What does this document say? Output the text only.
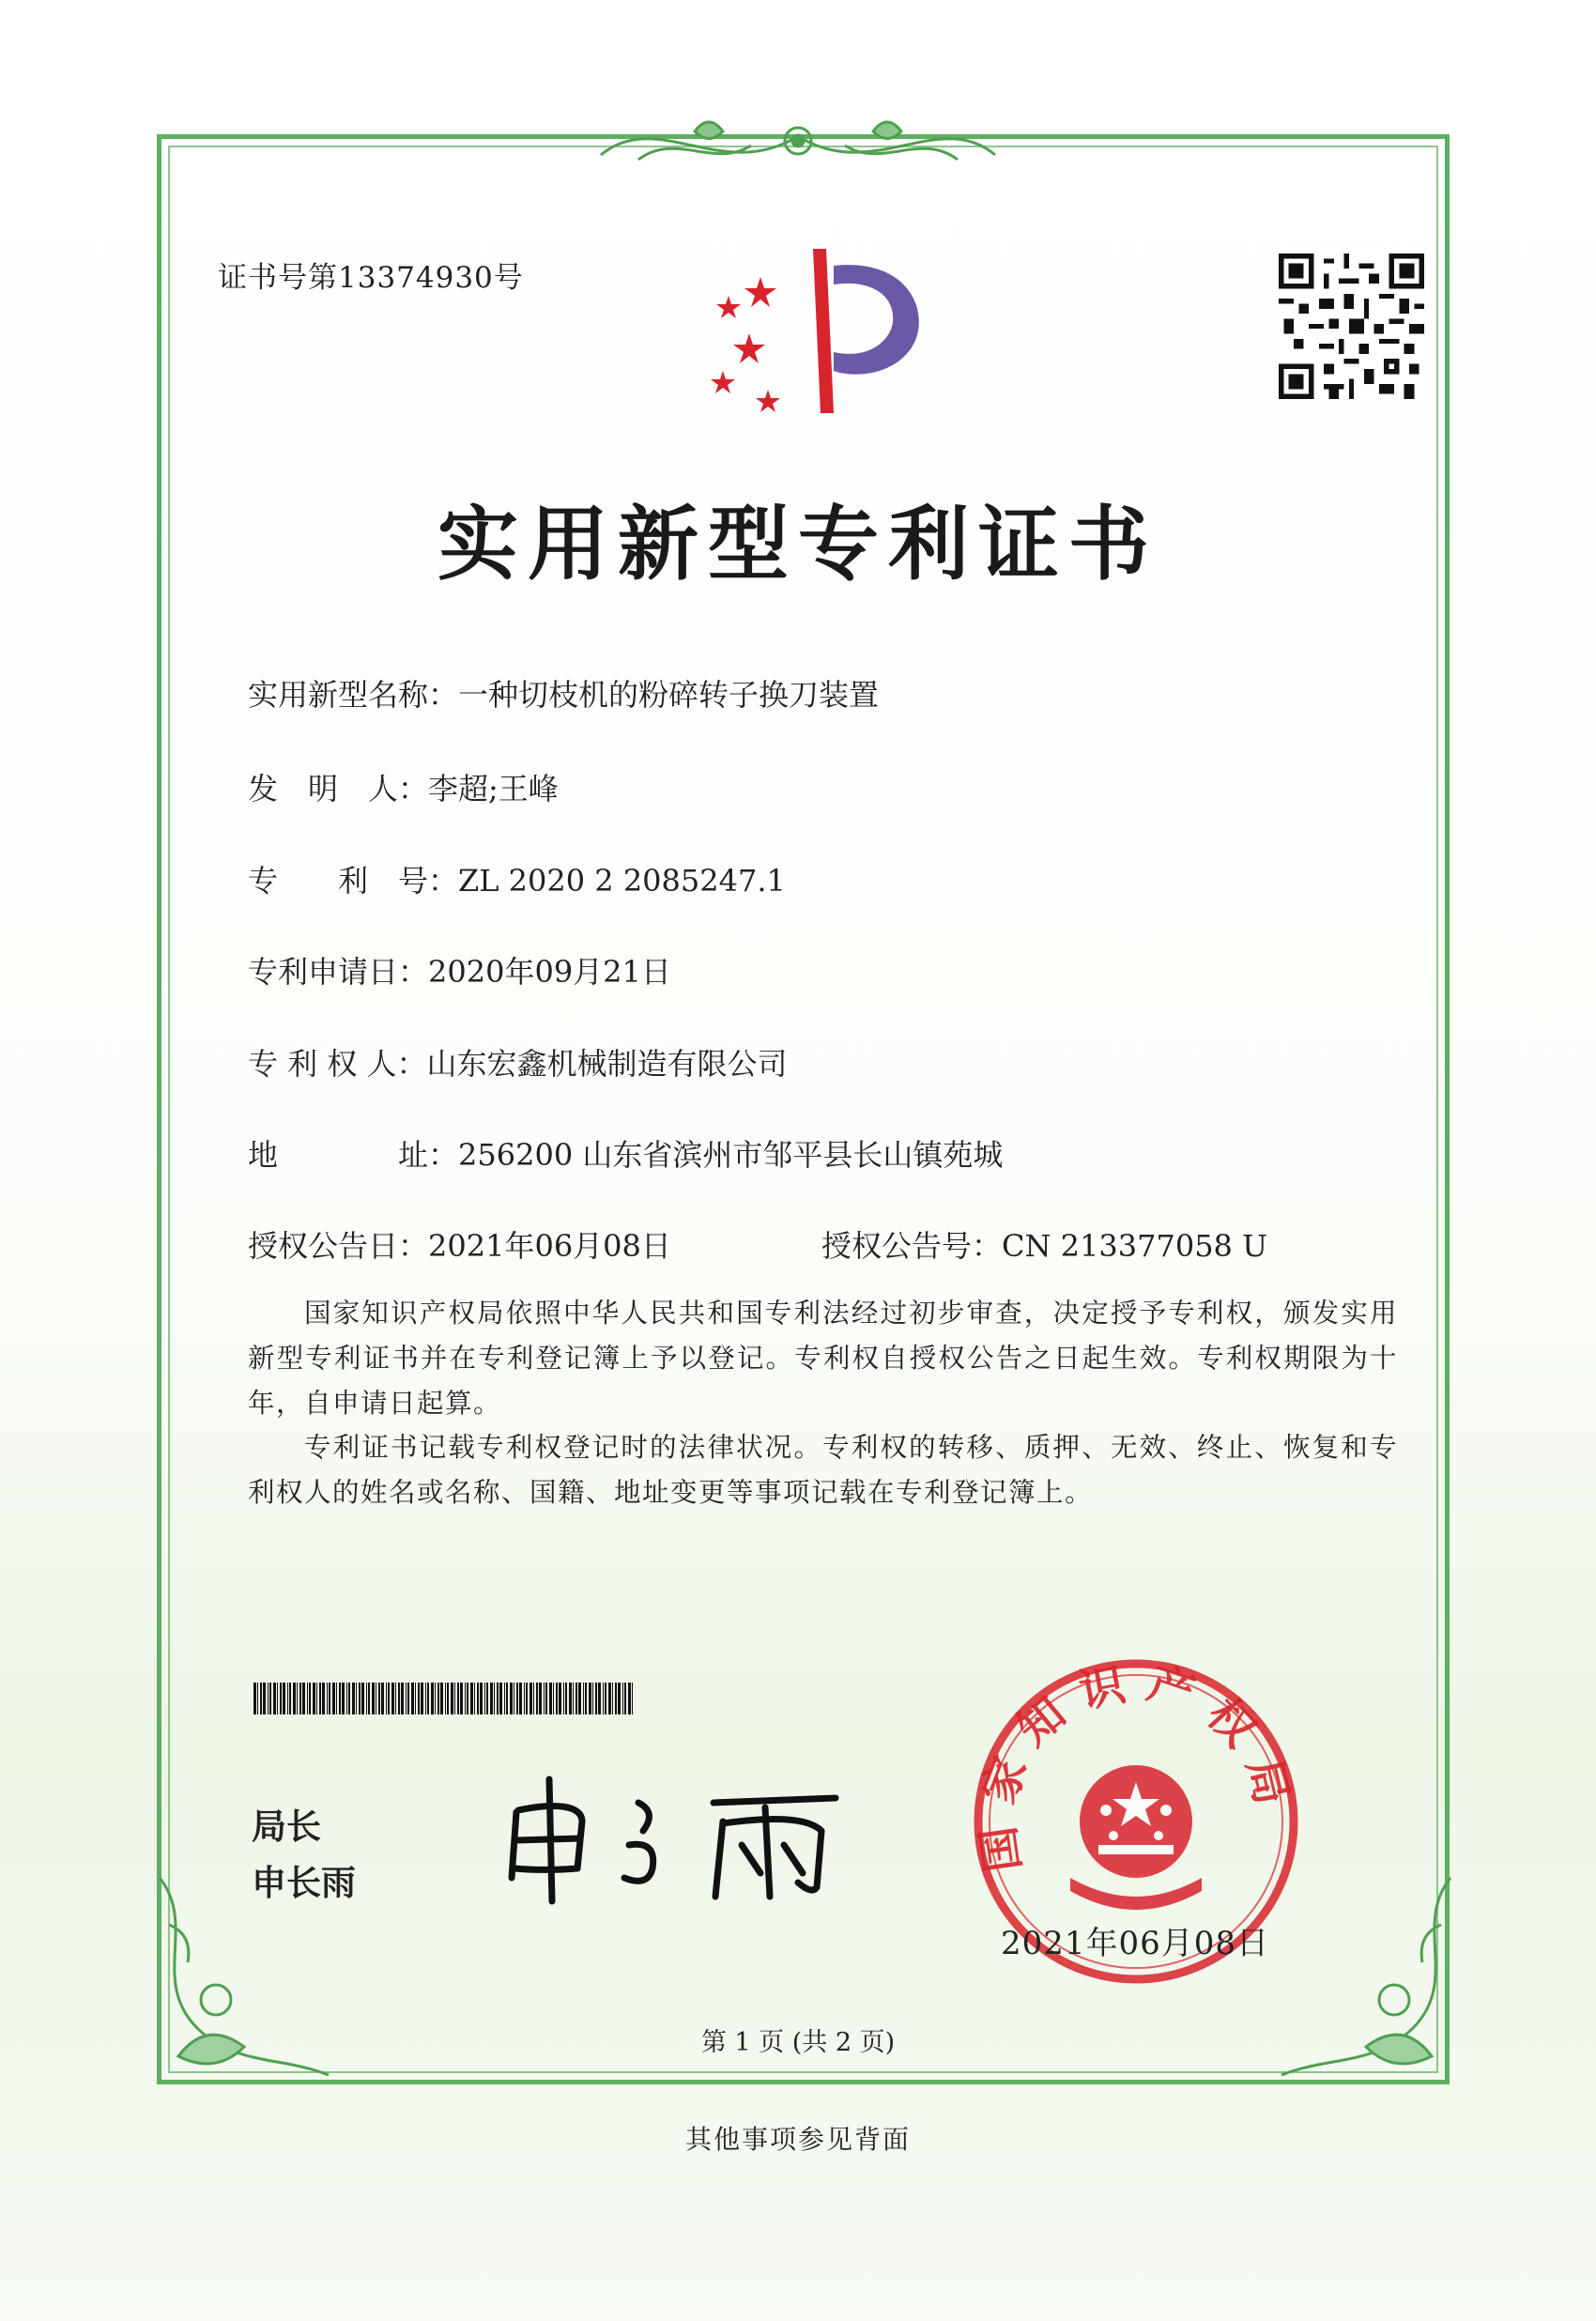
证书号第13374930号
实用新型专利证书
实用新型名称：一种切枝机的粉碎转子换刀装置
发　明　人：李超;王峰
专　　利　号：ZL 2020 2 2085247.1
专利申请日：2020年09月21日
专 利 权 人：山东宏鑫机械制造有限公司
地　　　　址：256200 山东省滨州市邹平县长山镇苑城
授权公告日：2021年06月08日	授权公告号：CN 213377058 U
国家知识产权局依照中华人民共和国专利法经过初步审查，决定授予专利权，颁发实用新型专利证书并在专利登记簿上予以登记。专利权自授权公告之日起生效。专利权期限为十年，自申请日起算。
专利证书记载专利权登记时的法律状况。专利权的转移、质押、无效、终止、恢复和专利权人的姓名或名称、国籍、地址变更等事项记载在专利登记簿上。
局长
申长雨
国家知识产权局
2021年06月08日
第 1 页 (共 2 页)
其他事项参见背面
